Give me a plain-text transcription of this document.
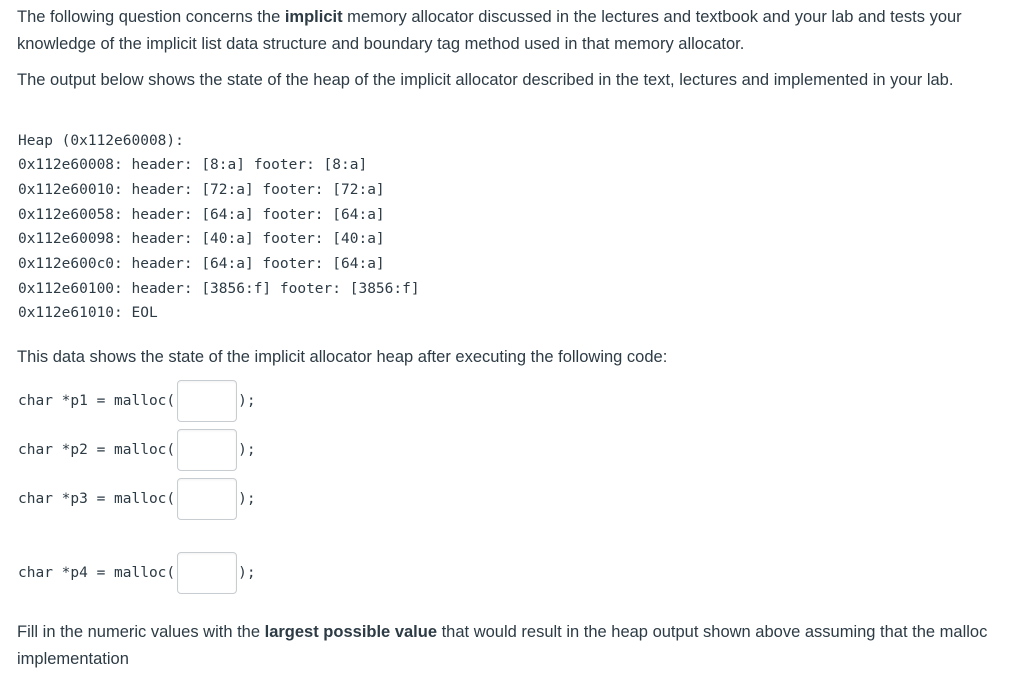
The following question concerns the implicit memory allocator discussed in the lectures and textbook and your lab and tests your knowledge of the implicit list data structure and boundary tag method used in that memory allocator.

The output below shows the state of the heap of the implicit allocator described in the text, lectures and implemented in your lab.

Heap (0x112e60008):
0x112e60008: header: [8:a] footer: [8:a]
0x112e60010: header: [72:a] footer: [72:a]
0x112e60058: header: [64:a] footer: [64:a]
0x112e60098: header: [40:a] footer: [40:a]
0x112e600c0: header: [64:a] footer: [64:a]
0x112e60100: header: [3856:f] footer: [3856:f]
0x112e61010: EOL

This data shows the state of the implicit allocator heap after executing the following code:

char *p1 = malloc(	);
char *p2 = malloc(	);
char *p3 = malloc(	);
char *p4 = malloc(	);

Fill in the numeric values with the largest possible value that would result in the heap output shown above assuming that the malloc implementation
